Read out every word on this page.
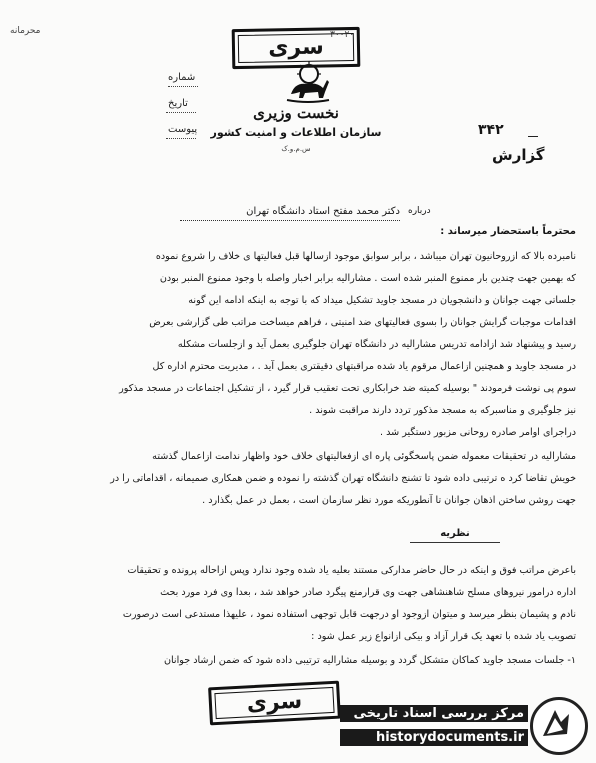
محرمانه
سری
شماره
تاریخ
پیوست
نخست وزیری
سازمان اطلاعات و امنیت کشور
س.م.و.ک
۳۰۰۲۰
۳۴۲
گزارش
درباره
دکتر محمد مفتح استاد دانشگاه تهران
محترماً باستحضار میرساند :
نامبرده بالا که ازروحانیون تهران میباشد ، برابر سوابق موجود ازسالها قبل فعالیتها ی خلاف را شروع نموده
که بهمین جهت چندین بار ممنوع المنبر شده است . مشارالیه برابر اخبار واصله با وجود ممنوع المنبر بودن
جلساتی جهت جوانان و دانشجویان در مسجد جاوید تشکیل میداد که با توجه به اینکه ادامه این گونه
اقدامات موجبات گرایش جوانان را بسوی فعالیتهای ضد امنیتی ، فراهم میساخت مراتب طی گزارشی بعرض
رسید و پیشنهاد شد ازادامه تدریس مشارالیه در دانشگاه تهران جلوگیری بعمل آید و ازجلسات مشکله
در مسجد جاوید و همچنین ازاعمال مرقوم یاد شده مراقبتهای دقیقتری بعمل آید . ، مدیریت محترم اداره کل
سوم پی نوشت فرمودند " بوسیله کمیته ضد خرابکاری تحت تعقیب قرار گیرد ، از تشکیل اجتماعات در مسجد مذکور
نیز جلوگیری و مناسبرکه به مسجد مذکور تردد دارند مراقبت شوند .
دراجرای اوامر صادره روحانی مزبور دستگیر شد .
مشارالیه در تحقیقات معموله ضمن پاسخگوئی پاره ای ازفعالیتهای خلاف خود واظهار ندامت ازاعمال گذشته
خویش تقاضا کرد ه ترتیبی داده شود تا تشنج دانشگاه تهران گذشته را نموده و ضمن همکاری صمیمانه ، اقداماتی را در
جهت روشن ساختن اذهان جوانان تا آنطوریکه مورد نظر سازمان است ، بعمل در عمل بگذارد .
نظریه
باعرض مراتب فوق و اینکه در حال حاضر مدارکی مستند بعلیه یاد شده وجود ندارد وپس ازاحاله پرونده و تحقیقات
اداره درامور نیروهای مسلح شاهنشاهی جهت وی قرارمنع پیگرد صادر خواهد شد ، بعدا وی فرد مورد بحث
نادم و پشیمان بنظر میرسد و میتوان ازوجود او درجهت قابل توجهی استفاده نمود ، علیهذا مستدعی است درصورت
تصویب یاد شده با تعهد یک قرار آزاد و بیکی ازانواع زیر عمل شود :
۱- جلسات مسجد جاوید کماکان متشکل گردد و بوسیله مشارالیه ترتیبی داده شود که ضمن ارشاد جوانان
سری	مرکز بررسی اسناد تاریخی
historydocuments.ir
